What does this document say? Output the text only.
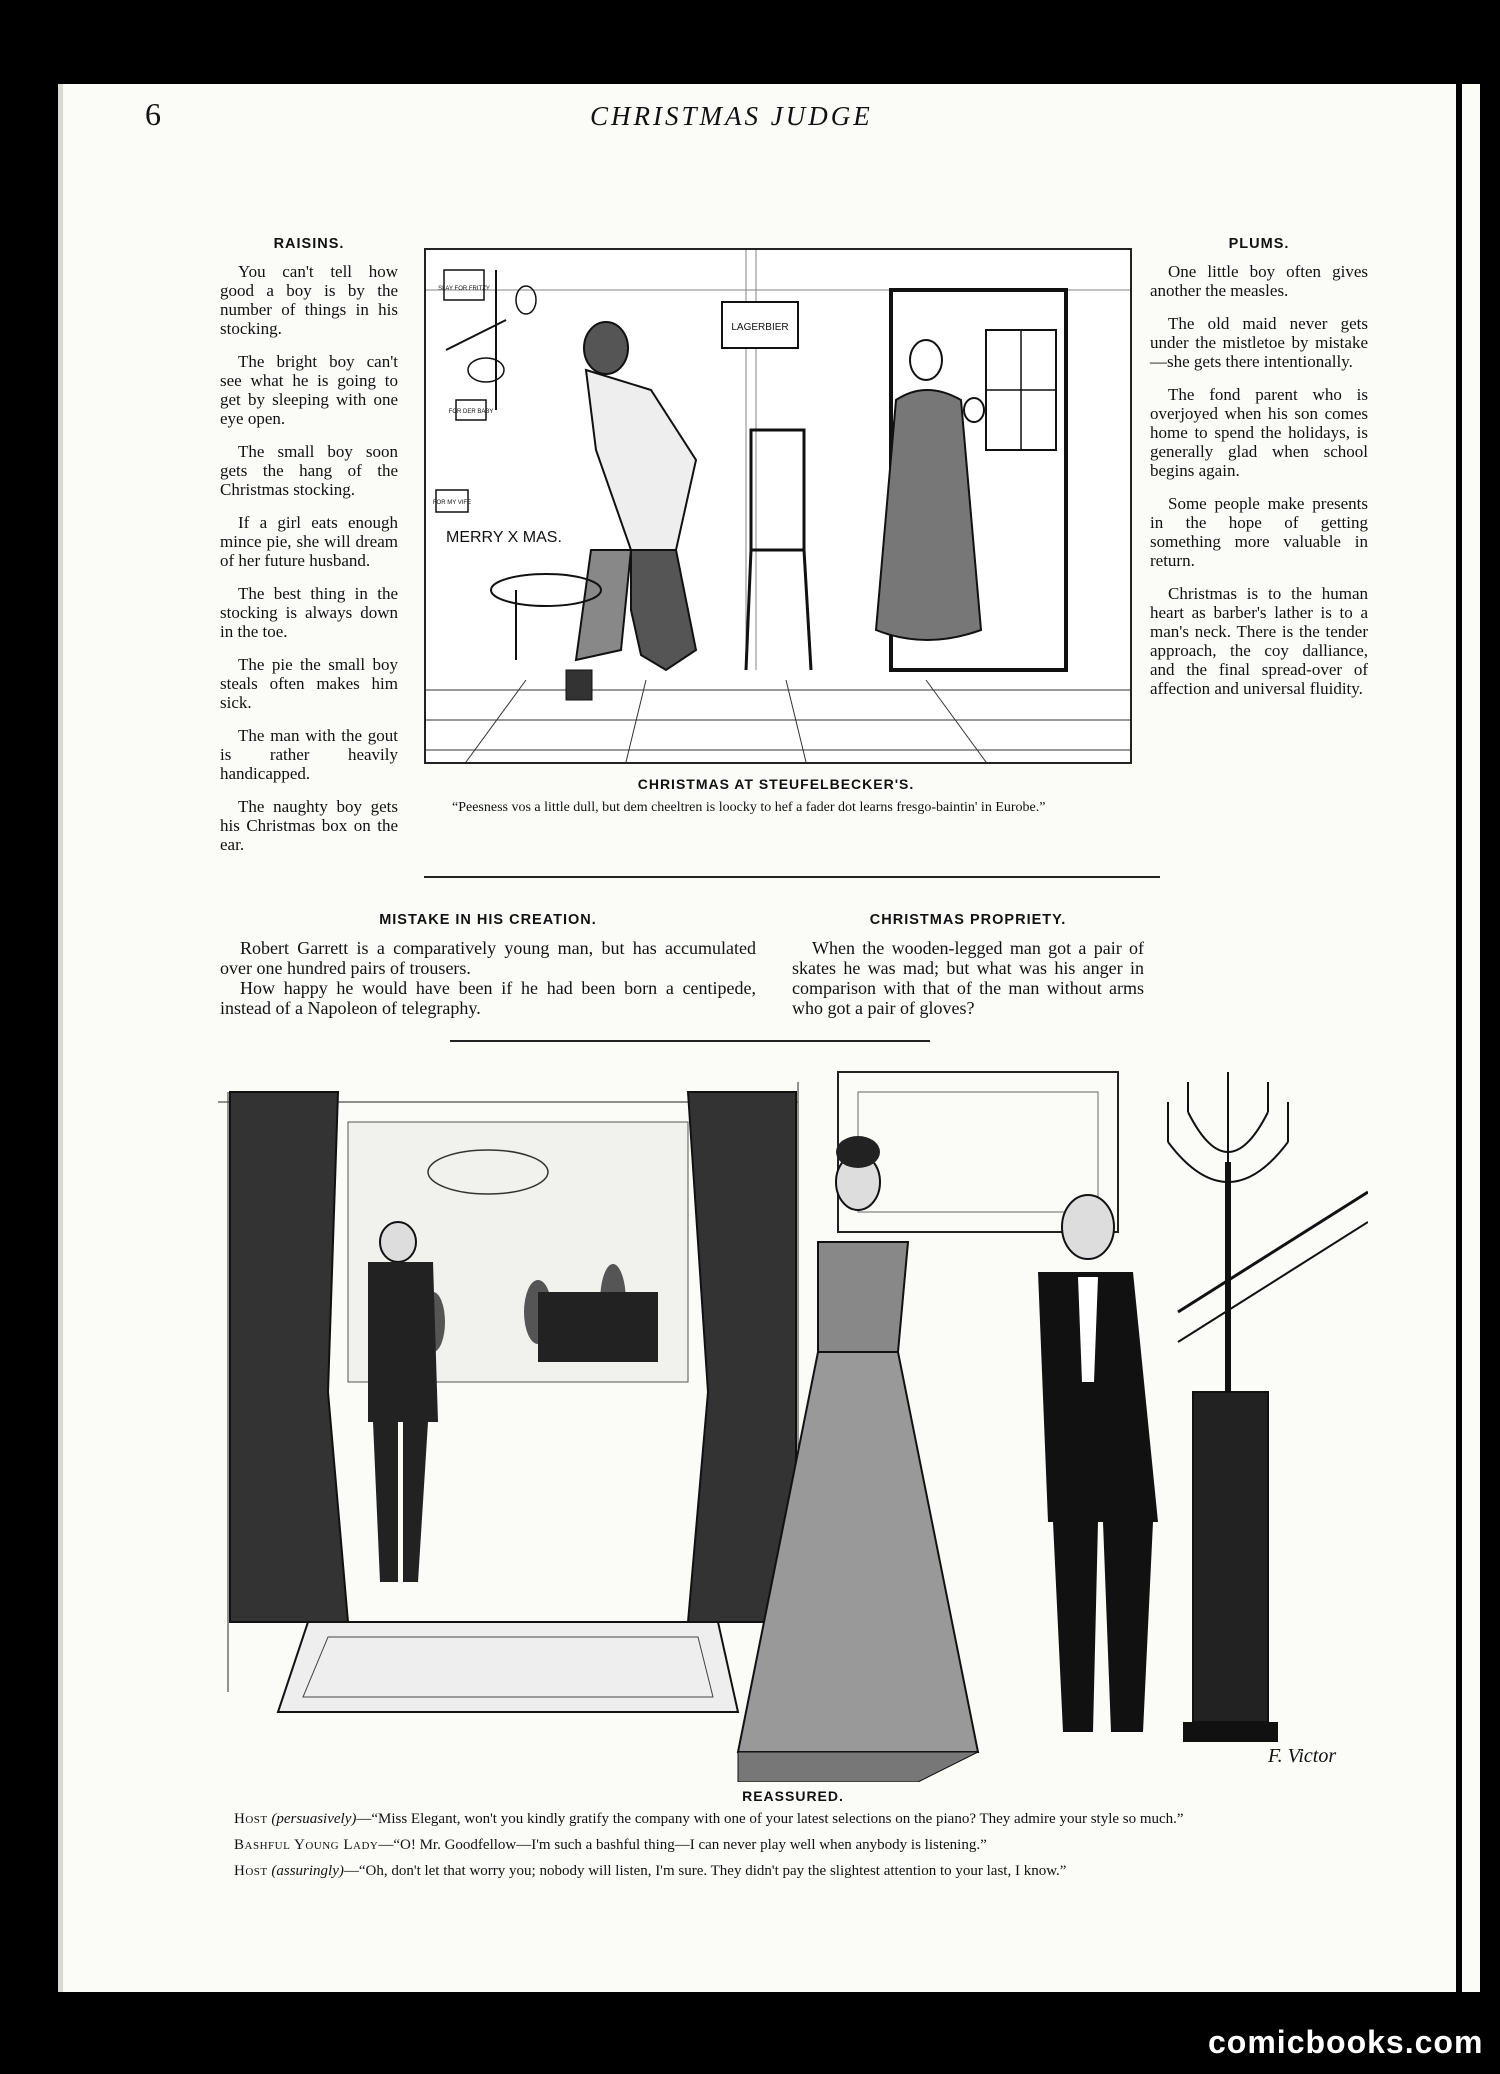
6	CHRISTMAS JUDGE
RAISINS.

You can't tell how good a boy is by the number of things in his stocking.

The bright boy can't see what he is going to get by sleeping with one eye open.

The small boy soon gets the hang of the Christmas stocking.

If a girl eats enough mince pie, she will dream of her future husband.

The best thing in the stocking is always down in the toe.

The pie the small boy steals often makes him sick.

The man with the gout is rather heavily handicapped.

The naughty boy gets his Christmas box on the ear.

LAGERBIER
SLAY FOR FRITZY
FOR DER BABY
FOR MY VIFE
MERRY X MAS.
CHRISTMAS AT STEUFELBECKER'S.
“Peesness vos a little dull, but dem cheeltren is loocky to hef a fader dot learns fresgo-baintin' in Eurobe.”
PLUMS.

One little boy often gives another the measles.

The old maid never gets under the mistletoe by mistake—she gets there intentionally.

The fond parent who is overjoyed when his son comes home to spend the holidays, is generally glad when school begins again.

Some people make presents in the hope of getting something more valuable in return.

Christmas is to the human heart as barber's lather is to a man's neck. There is the tender approach, the coy dalliance, and the final spread-over of affection and universal fluidity.

MISTAKE IN HIS CREATION.

Robert Garrett is a comparatively young man, but has accumulated over one hundred pairs of trousers.

How happy he would have been if he had been born a centipede, instead of a Napoleon of telegraphy.

CHRISTMAS PROPRIETY.

When the wooden-legged man got a pair of skates he was mad; but what was his anger in comparison with that of the man without arms who got a pair of gloves?

F. Victor
REASSURED.
Host (persuasively)—“Miss Elegant, won't you kindly gratify the company with one of your latest selections on the piano? They admire your style so much.”
Bashful Young Lady—“O! Mr. Goodfellow—I'm such a bashful thing—I can never play well when anybody is listening.”
Host (assuringly)—“Oh, don't let that worry you; nobody will listen, I'm sure. They didn't pay the slightest attention to your last, I know.”
comicbooks.com
